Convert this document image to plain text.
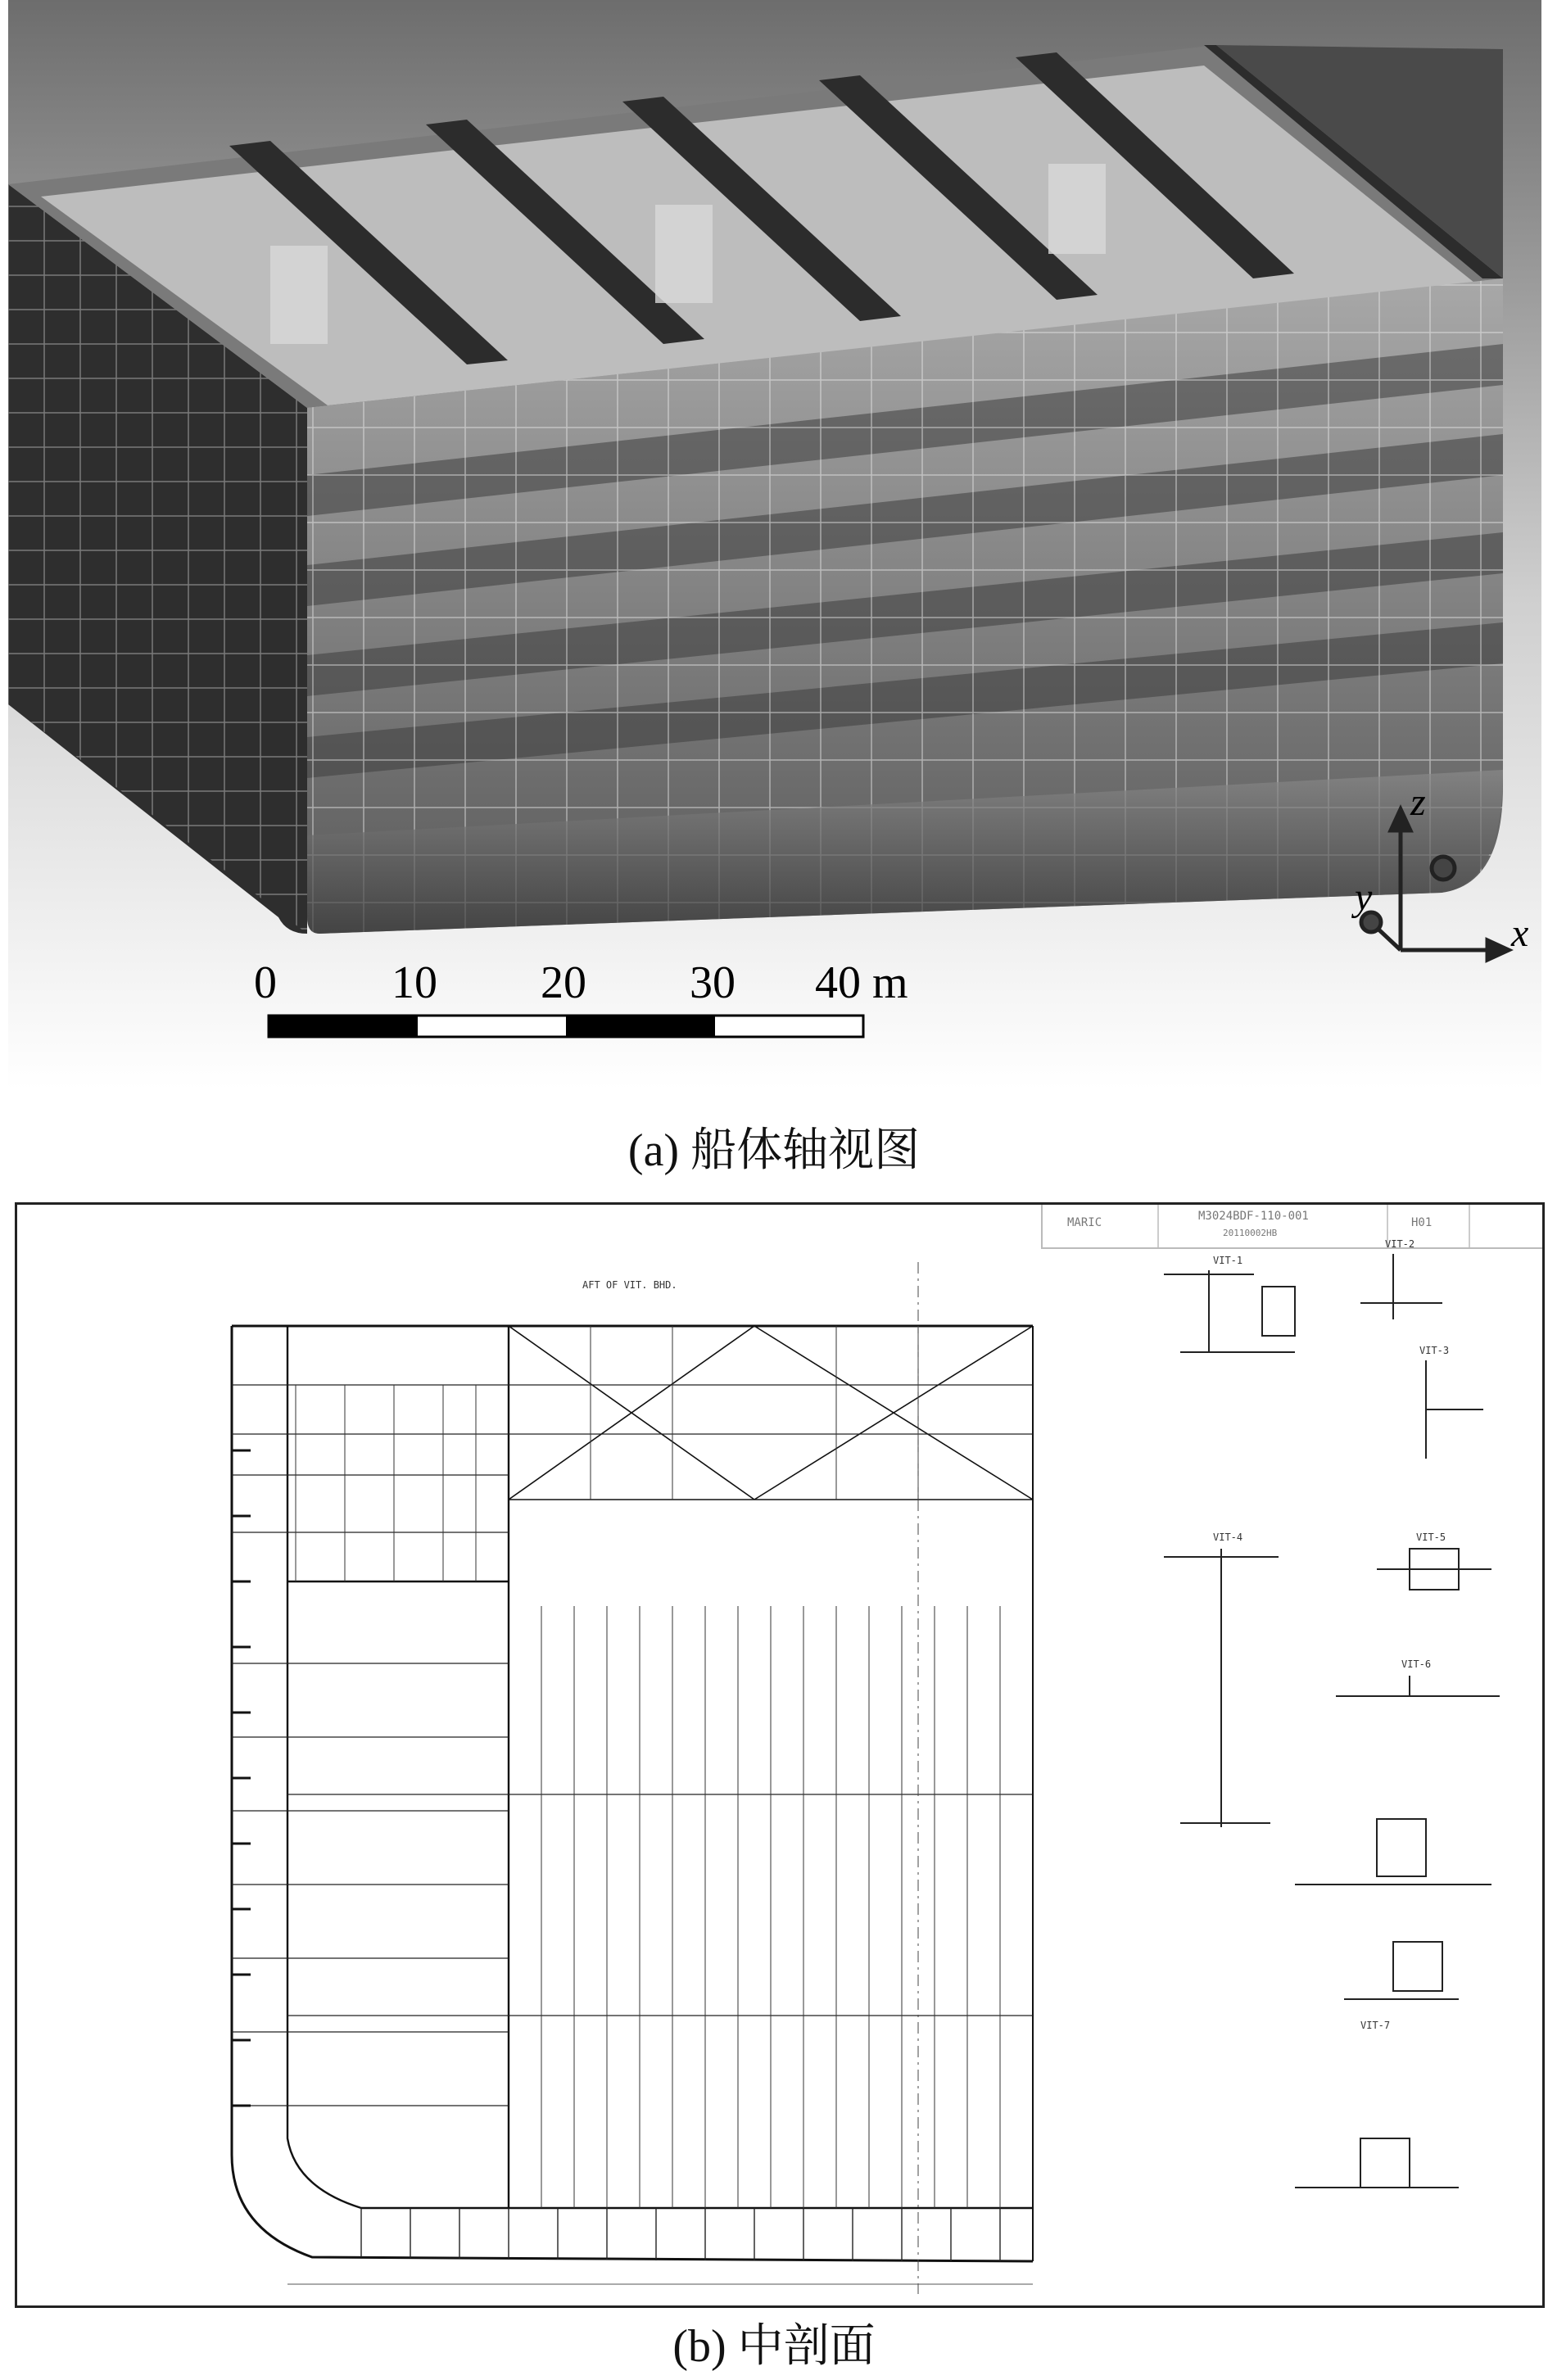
0	10 20 30 40 m
z
x
y
(a) 船体轴视图
MARIC	M3024BDF-110-001
20110002HB
H01
AFT OF VIT. BHD.
VIT-1
VIT-2
VIT-3
VIT-4	VIT-5
VIT-6
VIT-7
(b) 中剖面
